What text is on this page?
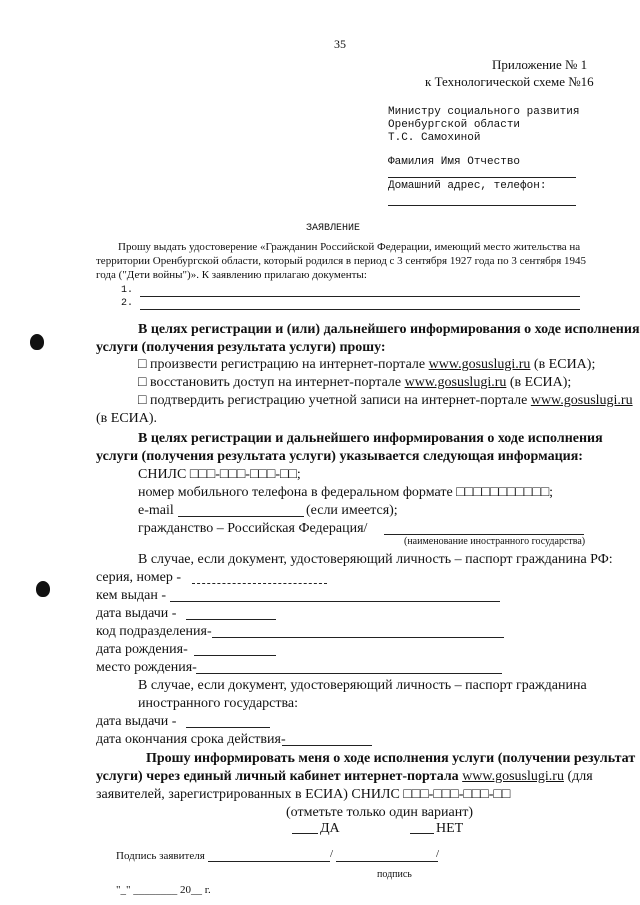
35
Приложение № 1
к Технологической схеме №16
Министру социального развития
Оренбургской области
Т.С. Самохиной
Фамилия Имя Отчество
Домашний адрес, телефон:
ЗАЯВЛЕНИЕ
Прошу выдать удостоверение «Гражданин Российской Федерации, имеющий место жительства на
территории Оренбургской области, который родился в период с 3 сентября 1927 года по 3 сентября 1945
года ("Дети войны")». К заявлению прилагаю документы:
1.
2.
В целях регистрации и (или) дальнейшего информирования о ходе исполнения
услуги (получения результата услуги) прошу:
□ произвести регистрацию на интернет-портале www.gosuslugi.ru (в ЕСИА);
□ восстановить доступ на интернет-портале www.gosuslugi.ru (в ЕСИА);
□ подтвердить регистрацию учетной записи на интернет-портале www.gosuslugi.ru
(в ЕСИА).
В целях регистрации и дальнейшего информирования о ходе исполнения
услуги (получения результата услуги) указывается следующая информация:
СНИЛС □□□-□□□-□□□-□□;
номер мобильного телефона в федеральном формате □□□□□□□□□□□;
e-mail	(если имеется);
гражданство – Российская Федерация/
(наименование иностранного государства)
В случае, если документ, удостоверяющий личность – паспорт гражданина РФ:
серия, номер -
кем выдан -
дата выдачи -
код подразделения-
дата рождения-
место рождения-
В случае, если документ, удостоверяющий личность – паспорт гражданина
иностранного государства:
дата выдачи -
дата окончания срока действия-
Прошу информировать меня о ходе исполнения услуги (получении результат
услуги) через единый личный кабинет интернет-портала www.gosuslugi.ru (для
заявителей, зарегистрированных в ЕСИА) СНИЛС □□□-□□□-□□□-□□
(отметьте только один вариант)
ДА	НЕТ
Подпись заявителя	/	/
подпись
"_" ________ 20__ г.
